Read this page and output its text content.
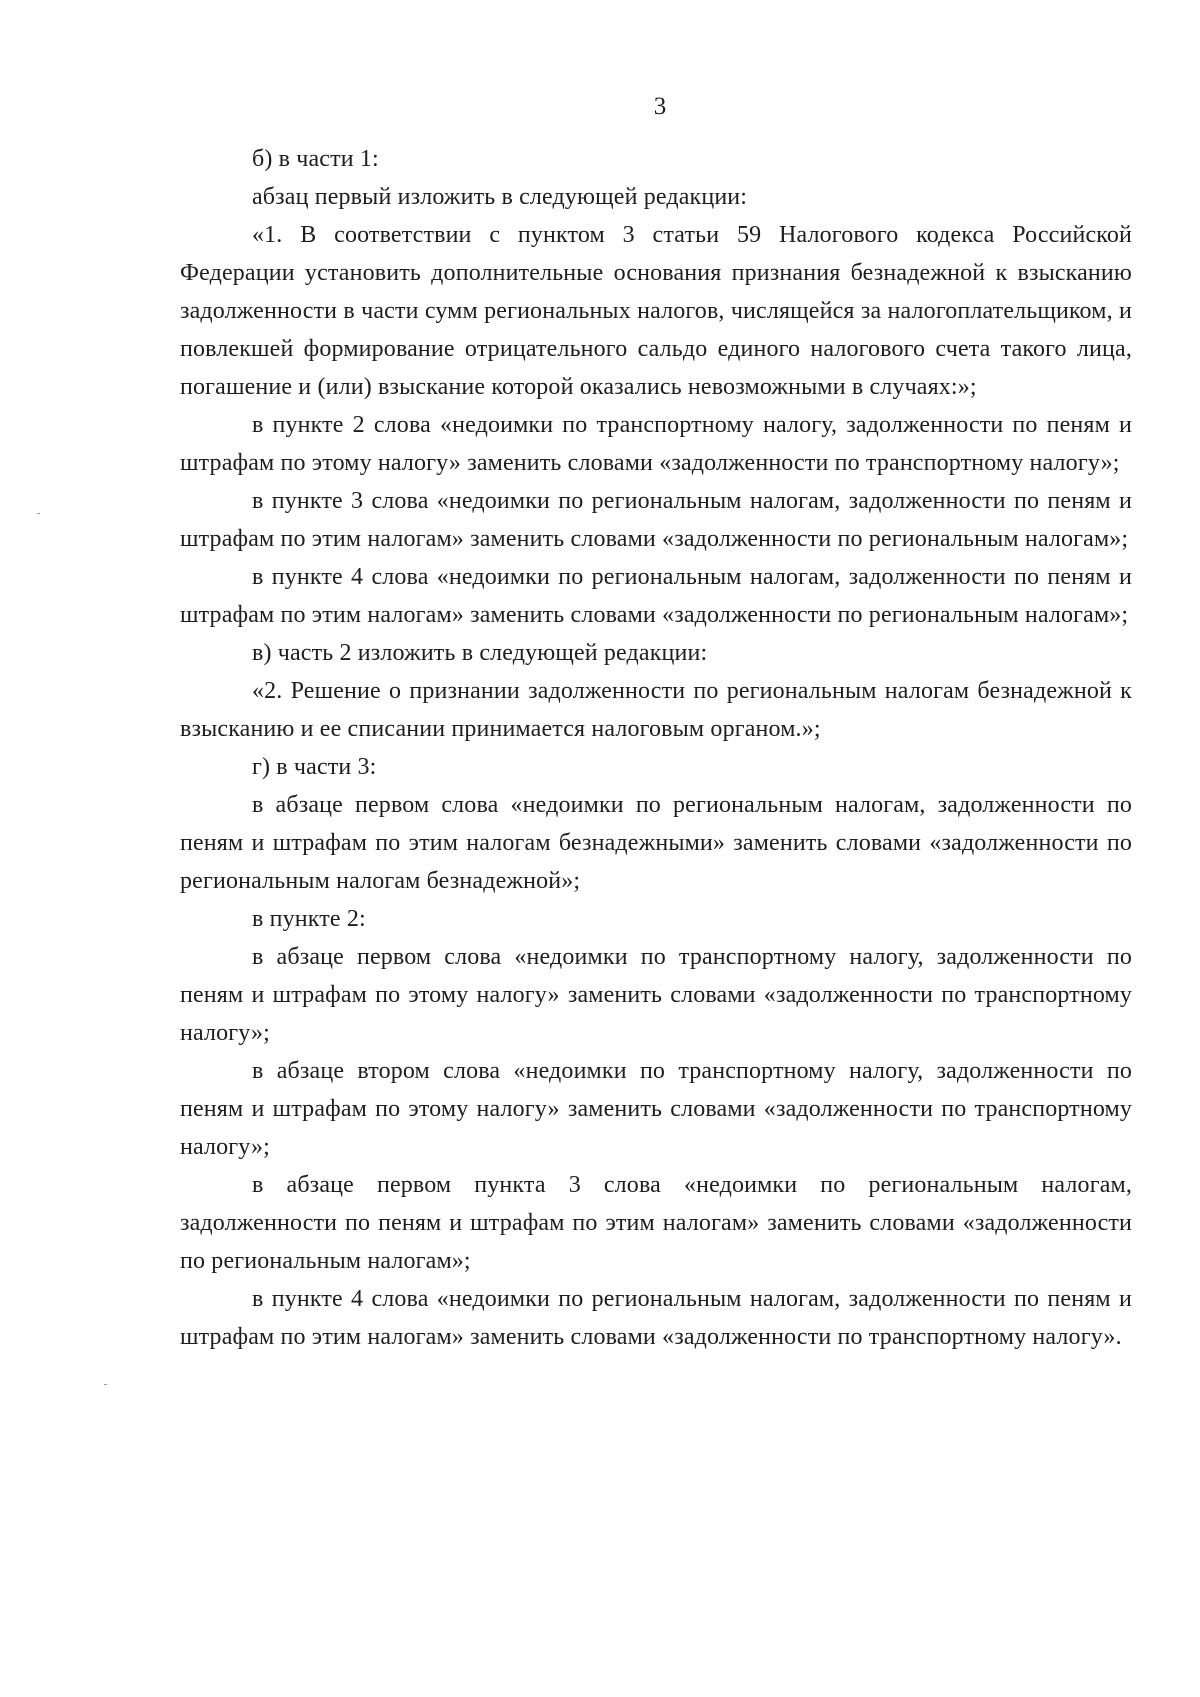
3

б) в части 1:

абзац первый изложить в следующей редакции:

«1. В соответствии с пунктом 3 статьи 59 Налогового кодекса Российской Федерации установить дополнительные основания признания безнадежной к взысканию задолженности в части сумм региональных налогов, числящейся за налогоплательщиком, и повлекшей формирование отрицательного сальдо единого налогового счета такого лица, погашение и (или) взыскание которой оказались невозможными в случаях:»;

в пункте 2 слова «недоимки по транспортному налогу, задолженности по пеням и штрафам по этому налогу» заменить словами «задолженности по транспортному налогу»;

в пункте 3 слова «недоимки по региональным налогам, задолженности по пеням и штрафам по этим налогам» заменить словами «задолженности по региональным налогам»;

в пункте 4 слова «недоимки по региональным налогам, задолженности по пеням и штрафам по этим налогам» заменить словами «задолженности по региональным налогам»;

в) часть 2 изложить в следующей редакции:

«2. Решение о признании задолженности по региональным налогам безнадежной к взысканию и ее списании принимается налоговым органом.»;

г) в части 3:

в абзаце первом слова «недоимки по региональным налогам, задолженности по пеням и штрафам по этим налогам безнадежными» заменить словами «задолженности по региональным налогам безнадежной»;

в пункте 2:

в абзаце первом слова «недоимки по транспортному налогу, задолженности по пеням и штрафам по этому налогу» заменить словами «задолженности по транспортному налогу»;

в абзаце втором слова «недоимки по транспортному налогу, задолженности по пеням и штрафам по этому налогу» заменить словами «задолженности по транспортному налогу»;

в абзаце первом пункта 3 слова «недоимки по региональным налогам, задолженности по пеням и штрафам по этим налогам» заменить словами «задолженности по региональным налогам»;

в пункте 4 слова «недоимки по региональным налогам, задолженности по пеням и штрафам по этим налогам» заменить словами «задолженности по транспортному налогу».
